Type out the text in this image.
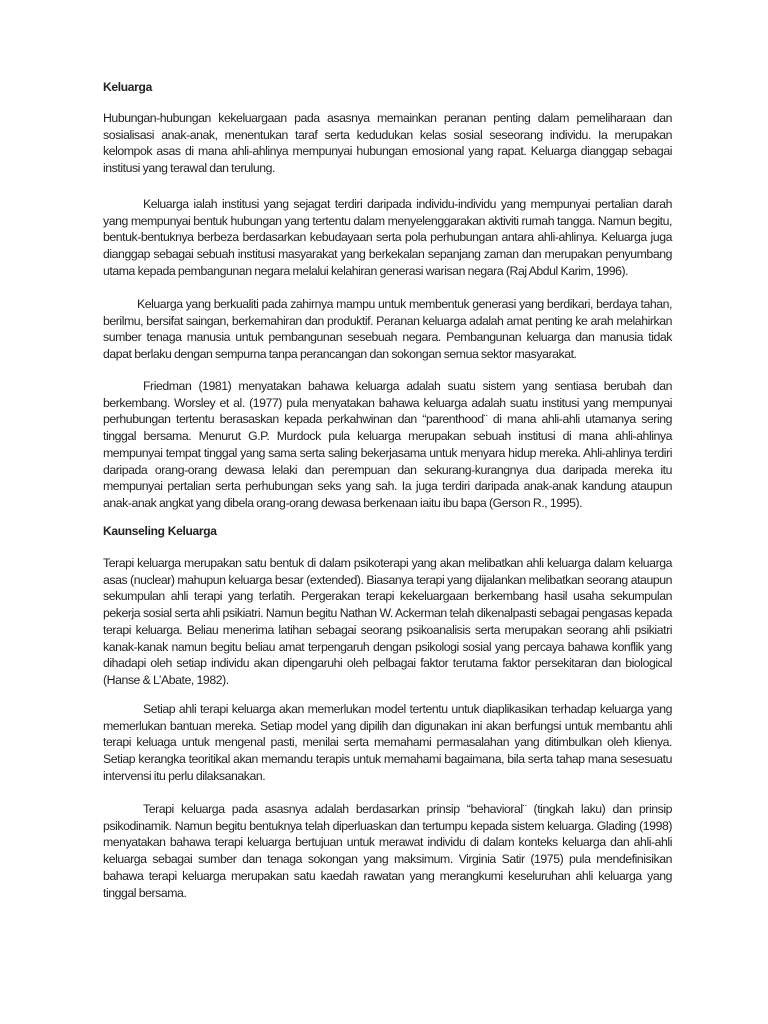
Keluarga

Hubungan-hubungan kekeluargaan pada asasnya memainkan peranan penting dalam pemeliharaan dan sosialisasi anak-anak, menentukan taraf serta kedudukan kelas sosial seseorang individu. Ia merupakan kelompok asas di mana ahli-ahlinya mempunyai hubungan emosional yang rapat. Keluarga dianggap sebagai institusi yang terawal dan terulung.

Keluarga ialah institusi yang sejagat terdiri daripada individu-individu yang mempunyai pertalian darah yang mempunyai bentuk hubungan yang tertentu dalam menyelenggarakan aktiviti rumah tangga. Namun begitu, bentuk-bentuknya berbeza berdasarkan kebudayaan serta pola perhubungan antara ahli-ahlinya. Keluarga juga dianggap sebagai sebuah institusi masyarakat yang berkekalan sepanjang zaman dan merupakan penyumbang utama kepada pembangunan negara melalui kelahiran generasi warisan negara (Raj Abdul Karim, 1996).

Keluarga yang berkualiti pada zahirnya mampu untuk membentuk generasi yang berdikari, berdaya tahan, berilmu, bersifat saingan, berkemahiran dan produktif. Peranan keluarga adalah amat penting ke arah melahirkan sumber tenaga manusia untuk pembangunan sesebuah negara. Pembangunan keluarga dan manusia tidak dapat berlaku dengan sempurna tanpa perancangan dan sokongan semua sektor masyarakat.

Friedman (1981) menyatakan bahawa keluarga adalah suatu sistem yang sentiasa berubah dan berkembang. Worsley et al. (1977) pula menyatakan bahawa keluarga adalah suatu institusi yang mempunyai perhubungan tertentu berasaskan kepada perkahwinan dan “parenthood¨ di mana ahli-ahli utamanya sering tinggal bersama. Menurut G.P. Murdock pula keluarga merupakan sebuah institusi di mana ahli-ahlinya mempunyai tempat tinggal yang sama serta saling bekerjasama untuk menyara hidup mereka. Ahli-ahlinya terdiri daripada orang-orang dewasa lelaki dan perempuan dan sekurang-kurangnya dua daripada mereka itu mempunyai pertalian serta perhubungan seks yang sah. Ia juga terdiri daripada anak-anak kandung ataupun anak-anak angkat yang dibela orang-orang dewasa berkenaan iaitu ibu bapa (Gerson R., 1995).

Kaunseling Keluarga

Terapi keluarga merupakan satu bentuk di dalam psikoterapi yang akan melibatkan ahli keluarga dalam keluarga asas (nuclear) mahupun keluarga besar (extended). Biasanya terapi yang dijalankan melibatkan seorang ataupun sekumpulan ahli terapi yang terlatih. Pergerakan terapi kekeluargaan berkembang hasil usaha sekumpulan pekerja sosial serta ahli psikiatri. Namun begitu Nathan W. Ackerman telah dikenalpasti sebagai pengasas kepada terapi keluarga. Beliau menerima latihan sebagai seorang psikoanalisis serta merupakan seorang ahli psikiatri kanak-kanak namun begitu beliau amat terpengaruh dengan psikologi sosial yang percaya bahawa konflik yang dihadapi oleh setiap individu akan dipengaruhi oleh pelbagai faktor terutama faktor persekitaran dan biological (Hanse & L’Abate, 1982).

Setiap ahli terapi keluarga akan memerlukan model tertentu untuk diaplikasikan terhadap keluarga yang memerlukan bantuan mereka. Setiap model yang dipilih dan digunakan ini akan berfungsi untuk membantu ahli terapi keluaga untuk mengenal pasti, menilai serta memahami permasalahan yang ditimbulkan oleh klienya. Setiap kerangka teoritikal akan memandu terapis untuk memahami bagaimana, bila serta tahap mana sesesuatu intervensi itu perlu dilaksanakan.

Terapi keluarga pada asasnya adalah berdasarkan prinsip “behavioral¨ (tingkah laku) dan prinsip psikodinamik. Namun begitu bentuknya telah diperluaskan dan tertumpu kepada sistem keluarga. Glading (1998) menyatakan bahawa terapi keluarga bertujuan untuk merawat individu di dalam konteks keluarga dan ahli-ahli keluarga sebagai sumber dan tenaga sokongan yang maksimum. Virginia Satir (1975) pula mendefinisikan bahawa terapi keluarga merupakan satu kaedah rawatan yang merangkumi keseluruhan ahli keluarga yang tinggal bersama.
